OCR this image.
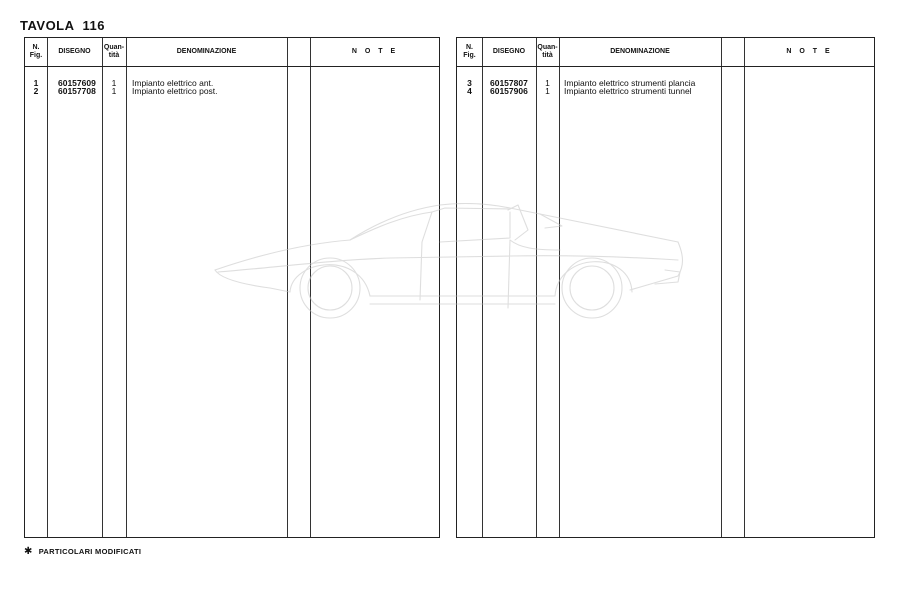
TAVOLA 116
N.
Fig.
DISEGNO
Quan-
tità
DENOMINAZIONE	N O T E
1	60157609	1	Impianto elettrico ant.
2	60157708	1	Impianto elettrico post.
N.
Fig.
DISEGNO
Quan-
tità
DENOMINAZIONE	N O T E
3	60157807	1	Impianto elettrico strumenti plancia
4	60157906	1	Impianto elettrico strumenti tunnel
✱ PARTICOLARI MODIFICATI
